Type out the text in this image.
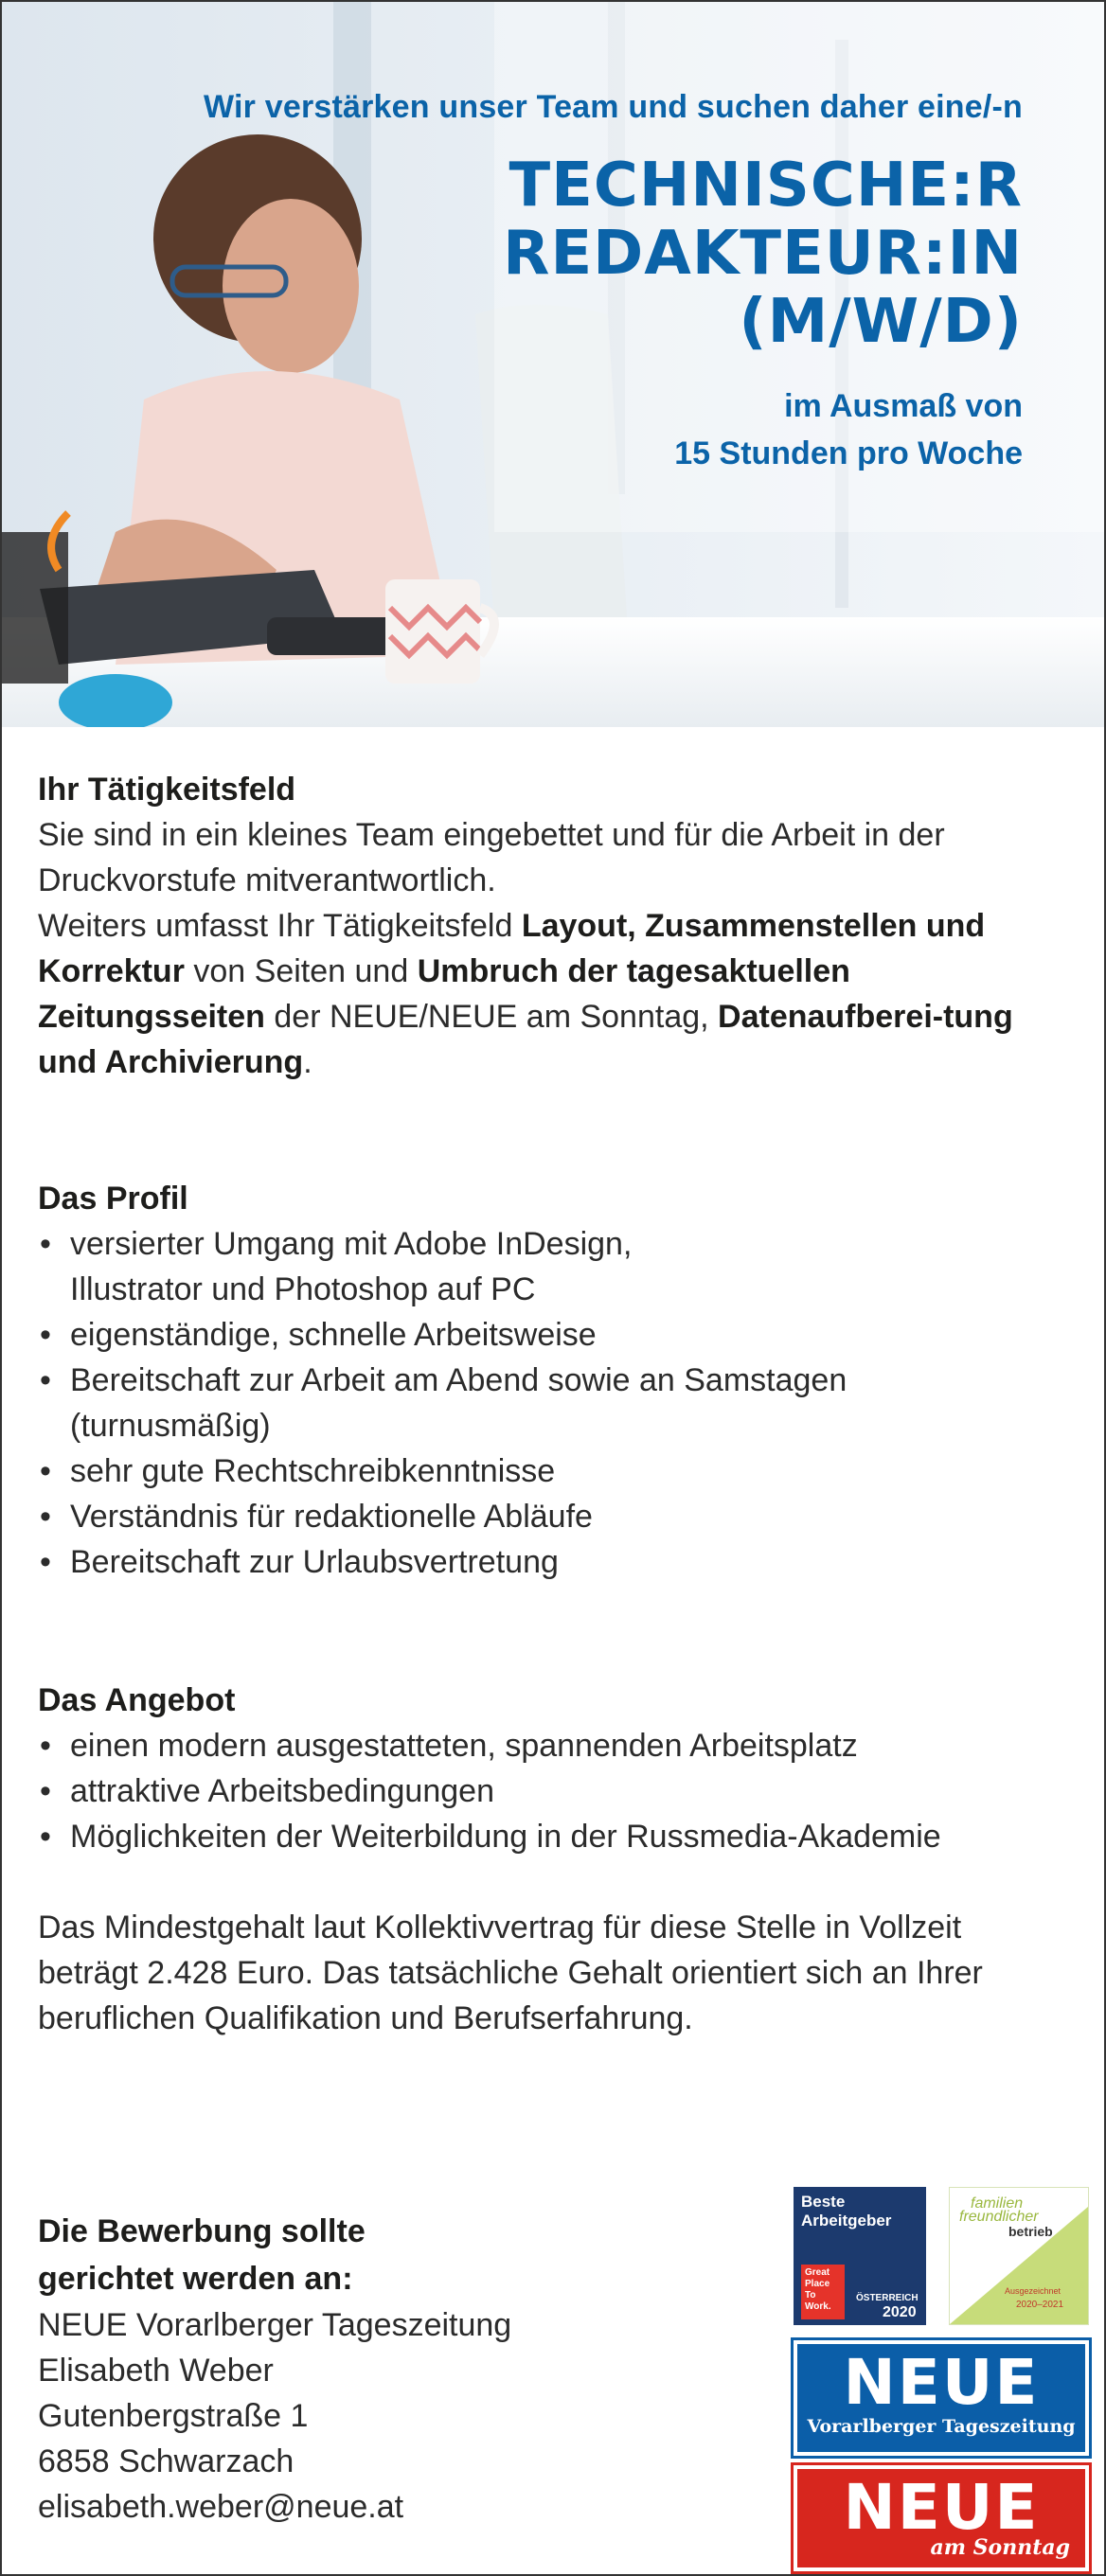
Wir verstärken unser Team und suchen daher eine/-n
TECHNISCHE:R
REDAKTEUR:IN
(M/W/D)
im Ausmaß von
15 Stunden pro Woche
Ihr Tätigkeitsfeld
Sie sind in ein kleines Team eingebettet und für die Arbeit in der Druckvorstufe mitverantwortlich.
Weiters umfasst Ihr Tätigkeitsfeld Layout, Zusammenstellen und Korrektur von Seiten und Umbruch der tagesaktuellen Zeitungsseiten der NEUE/NEUE am Sonntag, Datenaufberei-tung und Archivierung.
Das Profil
• versierter Umgang mit Adobe InDesign, Illustrator und Photoshop auf PC
• eigenständige, schnelle Arbeitsweise
• Bereitschaft zur Arbeit am Abend sowie an Samstagen (turnusmäßig)
• sehr gute Rechtschreibkenntnisse
• Verständnis für redaktionelle Abläufe
• Bereitschaft zur Urlaubsvertretung
Das Angebot
• einen modern ausgestatteten, spannenden Arbeitsplatz
• attraktive Arbeitsbedingungen
• Möglichkeiten der Weiterbildung in der Russmedia-Akademie
Das Mindestgehalt laut Kollektivvertrag für diese Stelle in Vollzeit beträgt 2.428 Euro. Das tatsächliche Gehalt orientiert sich an Ihrer beruflichen Qualifikation und Berufserfahrung.
Die Bewerbung sollte
gerichtet werden an:
NEUE Vorarlberger Tageszeitung
Elisabeth Weber
Gutenbergstraße 1
6858 Schwarzach
elisabeth.weber@neue.at
Beste
Arbeitgeber
Great Place To Work.
ÖSTERREICH
2020
familien
freundlicher
betrieb
Ausgezeichnet
2020–2021
NEUE
Vorarlberger Tageszeitung
NEUE
am Sonntag
